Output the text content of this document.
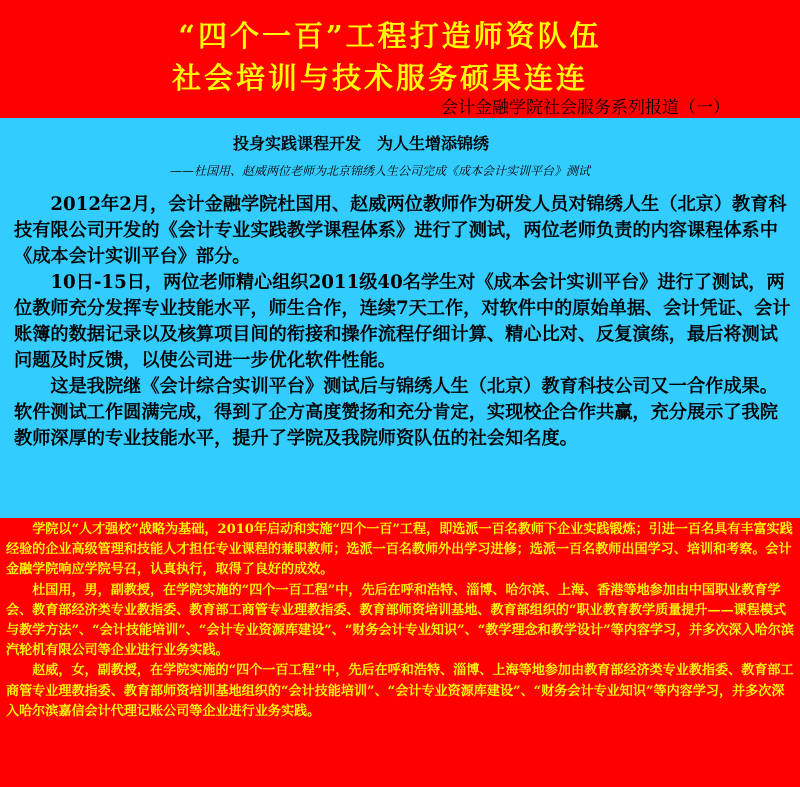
“四个一百”工程打造师资队伍
社会培训与技术服务硕果连连
会计金融学院社会服务系列报道（一）
投身实践课程开发　为人生增添锦绣
——杜国用、赵威两位老师为北京锦绣人生公司完成《成本会计实训平台》测试

2012年2月，会计金融学院杜国用、赵威两位教师作为研发人员对锦绣人生（北京）教育科技有限公司开发的《会计专业实践教学课程体系》进行了测试，两位老师负责的内容课程体系中《成本会计实训平台》部分。

10日-15日，两位老师精心组织2011级40名学生对《成本会计实训平台》进行了测试，两位教师充分发挥专业技能水平，师生合作，连续7天工作，对软件中的原始单据、会计凭证、会计账簿的数据记录以及核算项目间的衔接和操作流程仔细计算、精心比对、反复演练，最后将测试问题及时反馈，以使公司进一步优化软件性能。

这是我院继《会计综合实训平台》测试后与锦绣人生（北京）教育科技公司又一合作成果。软件测试工作圆满完成，得到了企方高度赞扬和充分肯定，实现校企合作共赢，充分展示了我院教师深厚的专业技能水平，提升了学院及我院师资队伍的社会知名度。

学院以“人才强校”战略为基础，2010年启动和实施“四个一百”工程，即选派一百名教师下企业实践锻炼；引进一百名具有丰富实践经验的企业高级管理和技能人才担任专业课程的兼职教师；选派一百名教师外出学习进修；选派一百名教师出国学习、培训和考察。会计金融学院响应学院号召，认真执行，取得了良好的成效。

杜国用，男，副教授，在学院实施的“四个一百工程”中，先后在呼和浩特、淄博、哈尔滨、上海、香港等地参加由中国职业教育学会、教育部经济类专业教指委、教育部工商管专业理教指委、教育部师资培训基地、教育部组织的“职业教育教学质量提升——课程模式与教学方法”、“会计技能培训”、“会计专业资源库建设”、“财务会计专业知识”、“教学理念和教学设计”等内容学习，并多次深入哈尔滨汽轮机有限公司等企业进行业务实践。

赵威，女，副教授，在学院实施的“四个一百工程”中，先后在呼和浩特、淄博、上海等地参加由教育部经济类专业教指委、教育部工商管专业理教指委、教育部师资培训基地组织的“会计技能培训”、“会计专业资源库建设”、“财务会计专业知识”等内容学习，并多次深入哈尔滨嘉信会计代理记账公司等企业进行业务实践。
